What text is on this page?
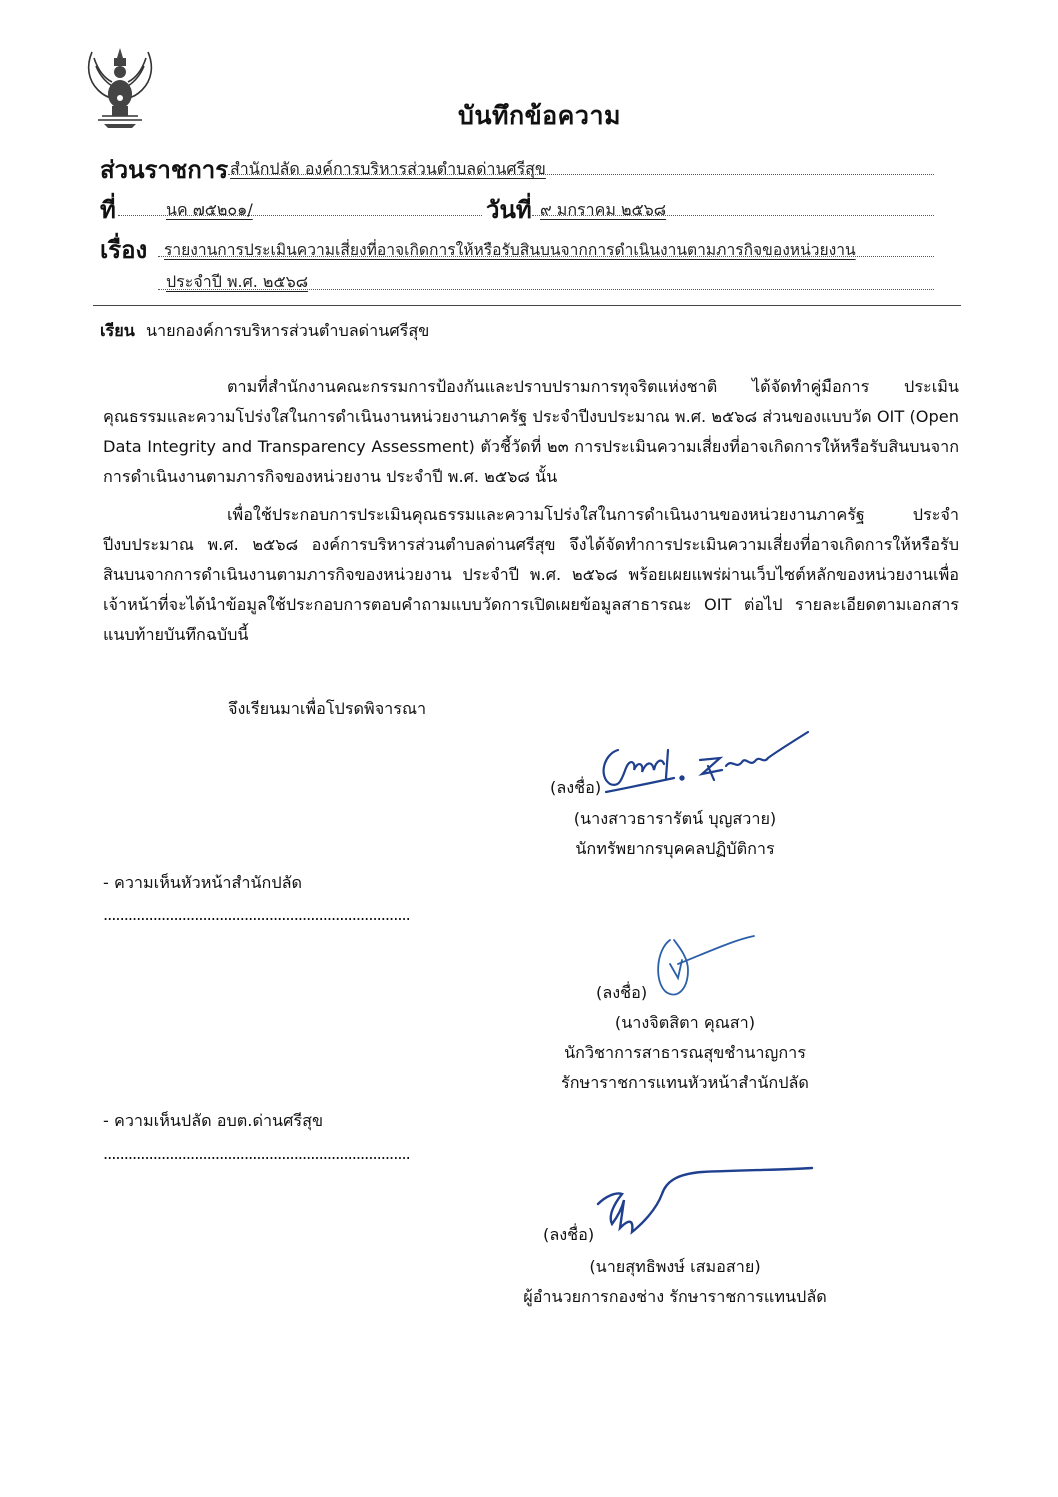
บันทึกข้อความ
ส่วนราชการ สำนักปลัด องค์การบริหารส่วนตำบลด่านศรีสุข
ที่	นค ๗๕๒๐๑/	วันที่ ๙ มกราคม ๒๕๖๘
เรื่อง รายงานการประเมินความเสี่ยงที่อาจเกิดการให้หรือรับสินบนจากการดำเนินงานตามภารกิจของหน่วยงาน
ประจำปี พ.ศ. ๒๕๖๘
เรียน นายกองค์การบริหารส่วนตำบลด่านศรีสุข
ตามที่สำนักงานคณะกรรมการป้องกันและปราบปรามการทุจริตแห่งชาติ ได้จัดทำคู่มือการ ประเมินคุณธรรมและความโปร่งใสในการดำเนินงานหน่วยงานภาครัฐ ประจำปีงบประมาณ พ.ศ. ๒๕๖๘ ส่วนของแบบวัด OIT (Open Data Integrity and Transparency Assessment) ตัวชี้วัดที่ ๒๓ การประเมินความเสี่ยงที่อาจเกิดการให้หรือรับสินบนจากการดำเนินงานตามภารกิจของหน่วยงาน ประจำปี พ.ศ. ๒๕๖๘ นั้น
เพื่อใช้ประกอบการประเมินคุณธรรมและความโปร่งใสในการดำเนินงานของหน่วยงานภาครัฐ ประจำปีงบประมาณ พ.ศ. ๒๕๖๘ องค์การบริหารส่วนตำบลด่านศรีสุข จึงได้จัดทำการประเมินความเสี่ยงที่อาจเกิดการให้หรือรับสินบนจากการดำเนินงานตามภารกิจของหน่วยงาน ประจำปี พ.ศ. ๒๕๖๘ พร้อยเผยแพร่ผ่านเว็บไซต์หลักของหน่วยงานเพื่อเจ้าหน้าที่จะได้นำข้อมูลใช้ประกอบการตอบคำถามแบบวัดการเปิดเผยข้อมูลสาธารณะ OIT ต่อไป รายละเอียดตามเอกสารแนบท้ายบันทึกฉบับนี้
จึงเรียนมาเพื่อโปรดพิจารณา
(ลงชื่อ)
(นางสาวธารารัตน์ บุญสวาย)
นักทรัพยากรบุคคลปฏิบัติการ
- ความเห็นหัวหน้าสำนักปลัด
..........................................................................
(ลงชื่อ)
(นางจิตสิตา คุณสา)
นักวิชาการสาธารณสุขชำนาญการ
รักษาราชการแทนหัวหน้าสำนักปลัด
- ความเห็นปลัด อบต.ด่านศรีสุข
..........................................................................
(ลงชื่อ)
(นายสุทธิพงษ์ เสมอสาย)
ผู้อำนวยการกองช่าง รักษาราชการแทนปลัด
